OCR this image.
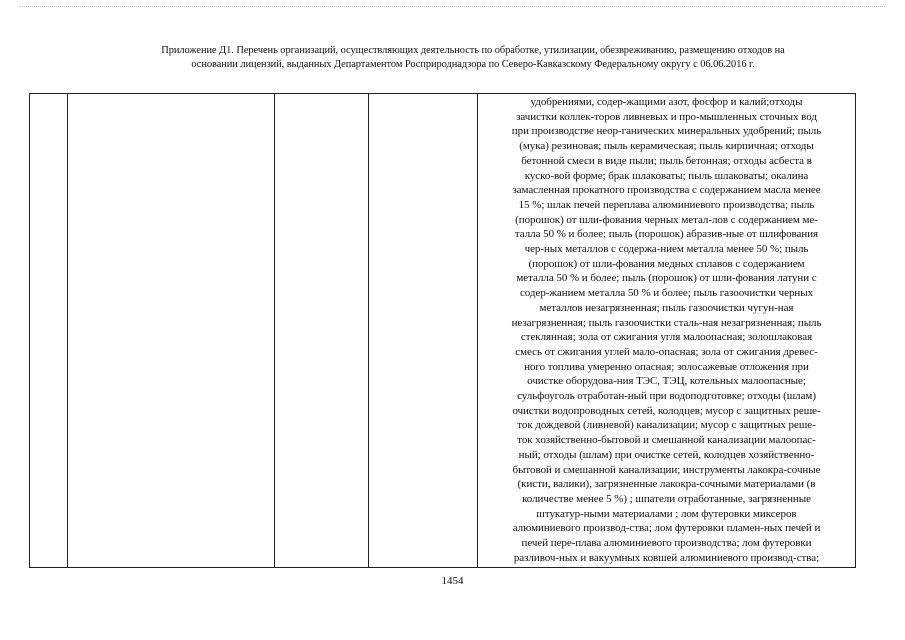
Приложение Д1. Перечень организаций, осуществляющих деятельность по обработке, утилизации, обезвреживанию, размещению отходов на
основании лицензий, выданных Департаментом Росприроднадзора по Северо-Кавказскому Федеральному округу с 06.06.2016 г.
удобрениями, содер-жащими азот, фосфор и калий;отходы
зачистки коллек-торов ливневых и про-мышленных сточных вод
при производстве неор-ганических минеральных удобрений; пыль
(мука) резиновая; пыль керамическая; пыль кирпичная; отходы
бетонной смеси в виде пыли; пыль бетонная; отходы асбеста в
куско-вой форме; брак шлаковаты; пыль шлаковаты; окалина
замасленная прокатного производства с содержанием масла менее
15 %; шлак печей переплава алюминиевого производства; пыль
(порошок) от шли-фования черных метал-лов с содержанием ме-
талла 50 % и более; пыль (порошок) абразив-ные от шлифования
чер-ных металлов с содержа-нием металла менее 50 %; пыль
(порошок) от шли-фования медных сплавов с содержанием
металла 50 % и более; пыль (порошок) от шли-фования латуни с
содер-жанием металла 50 % и более; пыль газоочистки черных
металлов незагрязненная; пыль газоочистки чугун-ная
незагрязненная; пыль газоочистки сталь-ная незагрязненная; пыль
стеклянная; зола от сжигания угля малоопасная; золошлаковая
смесь от сжигания углей мало-опасная; зола от сжигания древес-
ного топлива умеренно опасная; золосажевые отложения при
очистке оборудова-ния ТЭС, ТЭЦ, котельных малоопасные;
сульфоуголь отработан-ный при водоподготовке; отходы (шлам)
очистки водопроводных сетей, колодцев; мусор с защитных реше-
ток дождевой (ливневой) канализации; мусор с защитных реше-
ток хозяйственно-бытовой и смешанной канализации малоопас-
ный; отходы (шлам) при очистке сетей, колодцев хозяйственно-
бытовой и смешанной канализации; инструменты лакокра-сочные
(кисти, валики), загрязненные лакокра-сочными материалами (в
количестве менее 5 %) ; шпатели отработанные, загрязненные
штукатур-ными материалами ; лом футеровки миксеров
алюминиевого производ-ства; лом футеровки пламен-ных печей и
печей пере-плава алюминиевого производства; лом футеровки
разливоч-ных и вакуумных ковшей алюминиевого производ-ства;
1454
